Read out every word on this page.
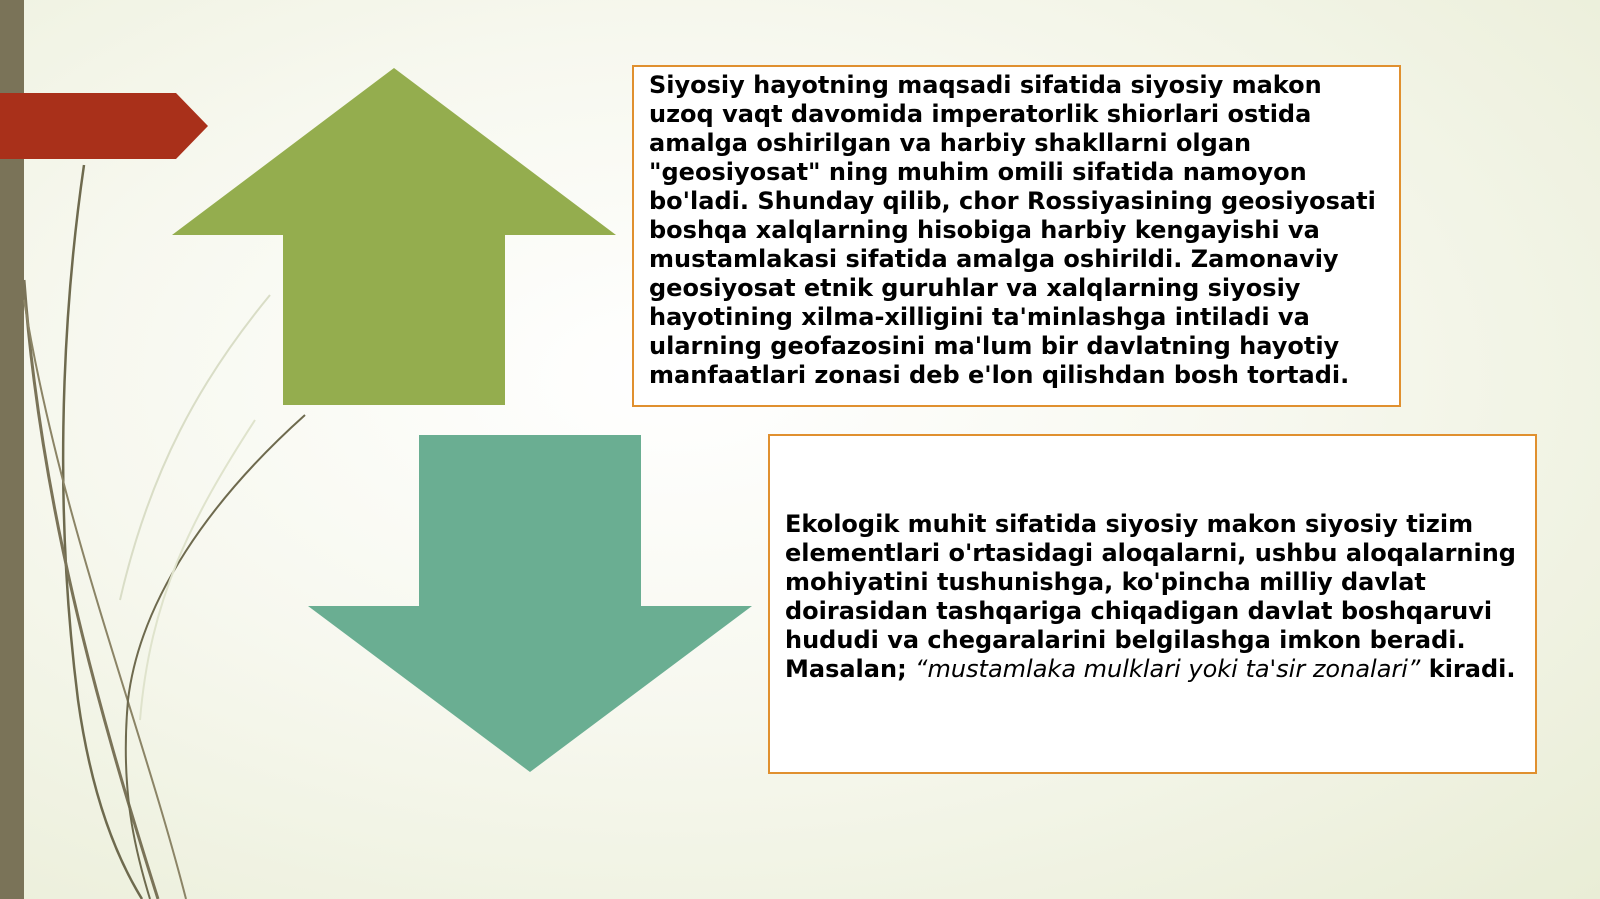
Siyosiy hayotning maqsadi sifatida siyosiy makon uzoq vaqt davomida imperatorlik shiorlari ostida amalga oshirilgan va harbiy shakllarni olgan "geosiyosat" ning muhim omili sifatida namoyon bo'ladi. Shunday qilib, chor Rossiyasining geosiyosati boshqa xalqlarning hisobiga harbiy kengayishi va mustamlakasi sifatida amalga oshirildi. Zamonaviy geosiyosat etnik guruhlar va xalqlarning siyosiy hayotining xilma-xilligini ta'minlashga intiladi va ularning geofazosini ma'lum bir davlatning hayotiy manfaatlari zonasi deb e'lon qilishdan bosh tortadi.
Ekologik muhit sifatida siyosiy makon siyosiy tizim elementlari o'rtasidagi aloqalarni, ushbu aloqalarning mohiyatini tushunishga, ko'pincha milliy davlat doirasidan tashqariga chiqadigan davlat boshqaruvi hududi va chegaralarini belgilashga imkon beradi. Masalan; “mustamlaka mulklari yoki ta'sir zonalari” kiradi.
